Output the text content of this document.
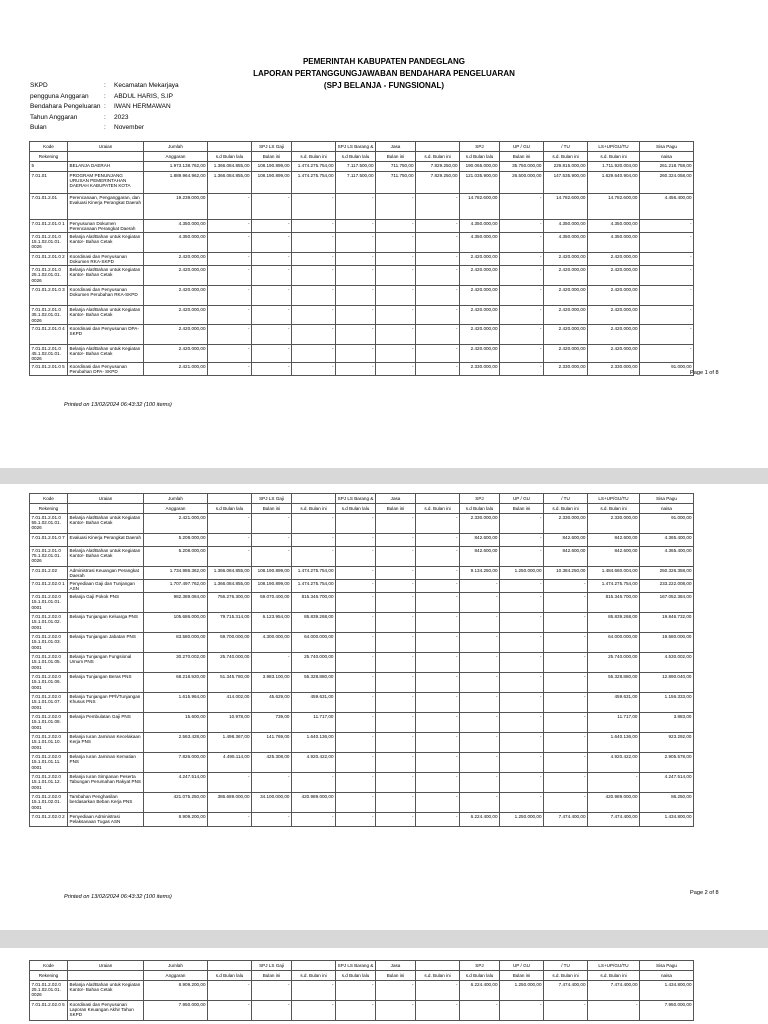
PEMERINTAH KABUPATEN PANDEGLANG
LAPORAN PERTANGGUNGJAWABAN BENDAHARA PENGELUARAN
(SPJ BELANJA - FUNGSIONAL)
SKPD	: Kecamatan Mekarjaya
pengguna Anggaran : ABDUL HARIS, S.IP
Bendahara Pengeluaran : IWAN HERMAWAN
Tahun Anggaran	: 2023
Bulan	: November
Kode	Uraian	Jumlah		SPJ LS Gaji		SPJ LS Barang &	Jasa		SPJ	UP / GU	/ TU	LS+UP/GU/TU	Sisa Pagu
Rekening		Anggaran	s.d Bulan lalu	Bulan ini	s.d. Bulan ini	s.d Bulan lalu	Bulan ini	s.d. Bulan ini	s.d Bulan lalu	Bulan ini	s.d. Bulan ini	s.d. Bulan ini	naisa
5	BELANJA DAERAH	1.973.138.762,00	1.366.084.855,00	108.190.899,00	1.474.275.754,00	7.117.500,00	711.750,00	7.829.250,00	190.065.000,00	35.750.000,00	229.815.000,00	1.711.920.004,00	261.218.758,00
7.01.01	PROGRAM PENUNJANG URUSAN PEMERINTAHAN DAERAH KABUPATEN KOTA	1.889.964.962,00	1.366.084.855,00	108.190.899,00	1.474.275.754,00	7.117.500,00	711.750,00	7.829.250,00	121.035.900,00	26.500.000,00	147.535.900,00	1.629.640.904,00	260.324.058,00
7.01.01.2.01	Perencanaan, Penganggaran, dan Evaluasi Kinerja Perangkat Daerah	19.239.000,00	-	-	-	-	-	-	14.782.600,00	-	14.782.600,00	14.782.600,00	4.456.400,00
7.01.01.2.01.0 1	Penyusunan Dokumen Perencanaan Perangkat Daerah	4.350.000,00	-	-	-	-	-	-	4.350.000,00	-	4.350.000,00	4.350.000,00	-
7.01.01.2.01.0 15.1.02.01.01. 0026	Belanja Alat/Bahan untuk Kegiatan Kantor- Bahan Cetak	4.350.000,00	-	-	-	-	-	-	4.350.000,00	-	4.350.000,00	4.350.000,00	-
7.01.01.2.01.0 2	Koordinasi dan Penyusunan Dokumen RKA-SKPD	2.420.000,00	-	-	-	-	-	-	2.420.000,00	-	2.420.000,00	2.420.000,00	-
7.01.01.2.01.0 25.1.02.01.01. 0026	Belanja Alat/Bahan untuk Kegiatan Kantor- Bahan Cetak	2.420.000,00	-	-	-	-	-	-	2.420.000,00	-	2.420.000,00	2.420.000,00	-
7.01.01.2.01.0 3	Koordinasi dan Penyusunan Dokumen Perubahan RKA-SKPD	2.420.000,00	-	-	-	-	-	-	2.420.000,00	-	2.420.000,00	2.420.000,00	-
7.01.01.2.01.0 35.1.02.01.01. 0026	Belanja Alat/Bahan untuk Kegiatan Kantor- Bahan Cetak	2.420.000,00	-	-	-	-	-	-	2.420.000,00	-	2.420.000,00	2.420.000,00	-
7.01.01.2.01.0 4	Koordinasi dan Penyusunan DPA-SKPD	2.420.000,00	-	-	-	-	-	-	2.420.000,00	-	2.420.000,00	2.420.000,00	-
7.01.01.2.01.0 45.1.02.01.01. 0026	Belanja Alat/Bahan untuk Kegiatan Kantor- Bahan Cetak	2.420.000,00	-	-	-	-	-	-	2.420.000,00	-	2.420.000,00	2.420.000,00	-
7.01.01.2.01.0 5	Koordinasi dan Penyusunan Perubahan DPA- SKPD	2.421.000,00	-	-	-	-	-	-	2.330.000,00	-	2.330.000,00	2.330.000,00	91.000,00
Printed on 13/02/2024 06:43:32 (100 items)
Page 1 of 8
Kode	Uraian	Jumlah		SPJ LS Gaji		SPJ LS Barang &	Jasa		SPJ	UP / GU	/ TU	LS+UP/GU/TU	Sisa Pagu
Rekening		Anggaran	s.d Bulan lalu	Bulan ini	s.d. Bulan ini	s.d Bulan lalu	Bulan ini	s.d. Bulan ini	s.d Bulan lalu	Bulan ini	s.d. Bulan ini	s.d. Bulan ini	naisa
7.01.01.2.01.0 55.1.02.01.01. 0026	Belanja Alat/Bahan untuk Kegiatan Kantor- Bahan Cetak	2.421.000,00	-	-	-	-	-	-	2.330.000,00	-	2.330.000,00	2.330.000,00	91.000,00
7.01.01.2.01.0 7	Evaluasi Kinerja Perangkat Daerah	5.208.000,00	-	-	-	-	-	-	842.600,00	-	842.600,00	842.600,00	4.365.400,00
7.01.01.2.01.0 75.1.02.01.01. 0026	Belanja Alat/Bahan untuk Kegiatan Kantor- Bahan Cetak	5.208.000,00	-	-	-	-	-	-	842.600,00	-	842.600,00	842.600,00	4.365.400,00
7.01.01.2.02	Administrasi Keuangan Perangkat Daerah	1.734.986.362,00	1.366.084.855,00	108.190.899,00	1.474.275.754,00	-	-	-	9.134.250,00	1.250.000,00	10.384.250,00	1.484.660.004,00	250.326.358,00
7.01.01.2.02.0 1	Penyediaan Gaji dan Tunjangan ASN	1.707.497.762,00	1.366.084.855,00	108.190.899,00	1.474.275.754,00	-	-	-	-	-	-	1.474.275.754,00	233.222.008,00
7.01.01.2.02.0 15.1.01.01.01. 0001	Belanja Gaji Pokok PNS	982.389.084,00	756.276.300,00	59.070.400,00	815.346.700,00	-	-	-	-	-	-	815.346.700,00	167.052.384,00
7.01.01.2.02.0 15.1.01.01.02. 0001	Belanja Tunjangan Keluarga PNS	105.686.000,00	79.715.314,00	6.123.954,00	85.839.268,00	-	-	-	-	-	-	85.839.268,00	19.846.732,00
7.01.01.2.02.0 15.1.01.01.03. 0001	Belanja Tunjangan Jabatan PNS	83.580.000,00	59.700.000,00	4.300.000,00	64.000.000,00	-	-	-	-	-	-	64.000.000,00	19.580.000,00
7.01.01.2.02.0 15.1.01.01.05. 0001	Belanja Tunjangan Fungsional Umum PNS	30.270.002,00	25.740.000,00	-	25.740.000,00	-	-	-	-	-	-	25.740.000,00	4.530.002,00
7.01.01.2.02.0 15.1.01.01.06. 0001	Belanja Tunjangan Beras PNS	68.218.920,00	51.345.780,00	3.983.100,00	55.328.880,00	-	-	-	-	-	-	55.328.880,00	12.890.040,00
7.01.01.2.02.0 15.1.01.01.07. 0001	Belanja Tunjangan PPh/Tunjangan Khusus PNS	1.615.964,00	414.002,00	45.629,00	459.631,00	-	-	-	-	-	-	459.631,00	1.156.333,00
7.01.01.2.02.0 15.1.01.01.08. 0001	Belanja Pembulatan Gaji PNS	15.600,00	10.978,00	739,00	11.717,00	-	-	-	-	-	-	11.717,00	3.883,00
7.01.01.2.02.0 15.1.01.01.10. 0001	Belanja Iuran Jaminan Kecelakaan Kerja PNS	2.563.428,00	1.498.367,00	141.769,00	1.640.136,00	-	-	-	-	-	-	1.640.136,00	923.292,00
7.01.01.2.02.0 15.1.01.01.11. 0001	Belanja Iuran Jaminan Kematian PNS	7.826.000,00	4.495.114,00	425.308,00	4.920.422,00	-	-	-	-	-	-	4.920.422,00	2.905.578,00
7.01.01.2.02.0 15.1.01.01.12. 0001	Belanja Iuran Simpanan Peserta Tabungan Perumahan Rakyat PNS	4.247.514,00	-	-	-	-	-	-	-	-	-	-	4.247.514,00
7.01.01.2.02.0 15.1.01.02.01. 0001	Tambahan Penghasilan berdasarkan Beban Kerja PNS	421.075.250,00	386.689.000,00	34.100.000,00	420.989.000,00	-	-	-	-	-	-	420.989.000,00	86.250,00
7.01.01.2.02.0 2	Penyediaan Administrasi Pelaksanaan Tugas ASN	8.909.200,00	-	-	-	-	-	-	6.224.400,00	1.250.000,00	7.474.400,00	7.474.400,00	1.434.800,00
Printed on 13/02/2024 06:43:32 (100 items)
Page 2 of 8
Kode	Uraian	Jumlah		SPJ LS Gaji		SPJ LS Barang &	Jasa		SPJ	UP / GU	/ TU	LS+UP/GU/TU	Sisa Pagu
Rekening		Anggaran	s.d Bulan lalu	Bulan ini	s.d. Bulan ini	s.d Bulan lalu	Bulan ini	s.d. Bulan ini	s.d Bulan lalu	Bulan ini	s.d. Bulan ini	s.d. Bulan ini	naisa
7.01.01.2.02.0 25.1.02.01.01. 0026	Belanja Alat/Bahan untuk Kegiatan Kantor- Bahan Cetak	8.909.200,00	-	-	-	-	-	-	6.224.400,00	1.250.000,00	7.474.400,00	7.474.400,00	1.434.800,00
7.01.01.2.02.0 5	Koordinasi dan Penyusunan Laporan Keuangan Akhir Tahun SKPD	7.950.000,00	-	-	-	-	-	-	-	-	-	-	7.950.000,00
